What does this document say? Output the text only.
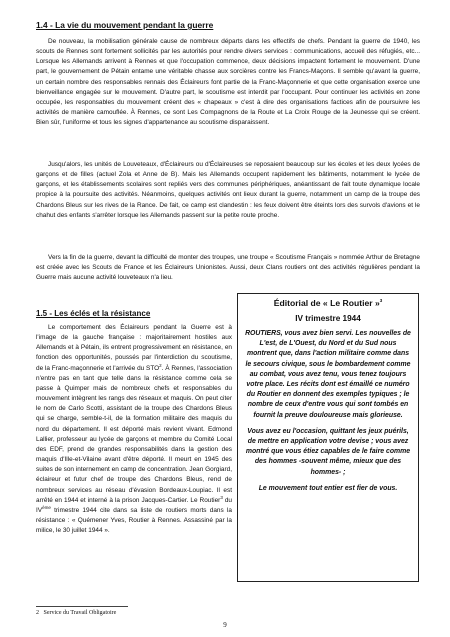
1.4 - La vie du mouvement pendant la guerre

De nouveau, la mobilisation générale cause de nombreux départs dans les effectifs de chefs. Pendant la guerre de 1940, les scouts de Rennes sont fortement sollicités par les autorités pour rendre divers services : communications, accueil des réfugiés, etc... Lorsque les Allemands arrivent à Rennes et que l'occupation commence, deux décisions impactent fortement le mouvement. D'une part, le gouvernement de Pétain entame une véritable chasse aux sorcières contre les Francs-Maçons. Il semble qu'avant la guerre, un certain nombre des responsables rennais des Éclaireurs font partie de la Franc-Maçonnerie et que cette organisation exerce une bienveillance engagée sur le mouvement. D'autre part, le scoutisme est interdit par l'occupant. Pour continuer les activités en zone occupée, les responsables du mouvement créent des « chapeaux » c'est à dire des organisations factices afin de poursuivre les activités de manière camouflée. À Rennes, ce sont Les Compagnons de la Route et La Croix Rouge de la Jeunesse qui se créent. Bien sûr, l'uniforme et tous les signes d'appartenance au scoutisme disparaissent.

Jusqu'alors, les unités de Louveteaux, d'Éclaireurs ou d'Éclaireuses se reposaient beaucoup sur les écoles et les deux lycées de garçons et de filles (actuel Zola et Anne de B). Mais les Allemands occupent rapidement les bâtiments, notamment le lycée de garçons, et les établissements scolaires sont repliés vers des communes périphériques, anéantissant de fait toute dynamique locale propice à la poursuite des activités. Néanmoins, quelques activités ont lieux durant la guerre, notamment un camp de la troupe des Chardons Bleus sur les rives de la Rance. De fait, ce camp est clandestin : les feux doivent être éteints lors des survols d'avions et le chahut des enfants s'arrêter lorsque les Allemands passent sur la petite route proche.

Vers la fin de la guerre, devant la difficulté de monter des troupes, une troupe « Scoutisme Français » nommée Arthur de Bretagne est créée avec les Scouts de France et les Éclaireurs Unionistes. Aussi, deux Clans routiers ont des activités régulières pendant la Guerre mais aucune activité louveteaux n'a lieu.

1.5 - Les éclés et la résistance

Le comportement des Éclaireurs pendant la Guerre est à l'image de la gauche française : majoritairement hostiles aux Allemands et à Pétain, ils entrent progressivement en résistance, en fonction des opportunités, poussés par l'interdiction du scoutisme, de la Franc-maçonnerie et l'arrivée du STO$^2$. À Rennes, l'association n'entre pas en tant que telle dans la résistance comme cela se passe à Quimper mais de nombreux chefs et responsables du mouvement intègrent les rangs des réseaux et maquis. On peut citer le nom de Carlo Scotti, assistant de la troupe des Chardons Bleus qui se charge, semble-t-il, de la formation militaire des maquis du nord du département. Il est déporté mais revient vivant. Edmond Lallier, professeur au lycée de garçons et membre du Comité Local des EDF, prend de grandes responsabilités dans la gestion des maquis d'Ille-et-Vilaine avant d'être déporté. Il meurt en 1945 des suites de son internement en camp de concentration. Jean Gorgiard, éclaireur et futur chef de troupe des Chardons Bleus, rend de nombreux services au réseau d'évasion Bordeaux-Loupiac. Il est arrêté en 1944 et interné à la prison Jacques-Cartier. Le Routier$^3$ du IVème trimestre 1944 cite dans sa liste de routiers morts dans la résistance : « Quémener Yves, Routier à Rennes. Assassiné par la milice, le 30 juillet 1944 ».

Éditorial de « Le Routier »$^3$

IV trimestre 1944

ROUTIERS, vous avez bien servi. Les nouvelles de L'est, de L'Ouest, du Nord et du Sud nous montrent que, dans l'action militaire comme dans le secours civique, sous le bombardement comme au combat, vous avez tenu, vous tenez toujours votre place. Les récits dont est émaillé ce numéro du Routier en donnent des exemples typiques ; le nombre de ceux d'entre vous qui sont tombés en fournit la preuve douloureuse mais glorieuse.

Vous avez eu l'occasion, quittant les jeux puérils, de mettre en application votre devise ; vous avez montré que vous étiez capables de le faire comme des hommes -souvent même, mieux que des hommes- ;

Le mouvement tout entier est fier de vous.

2 Service du Travail Obligatoire

9
